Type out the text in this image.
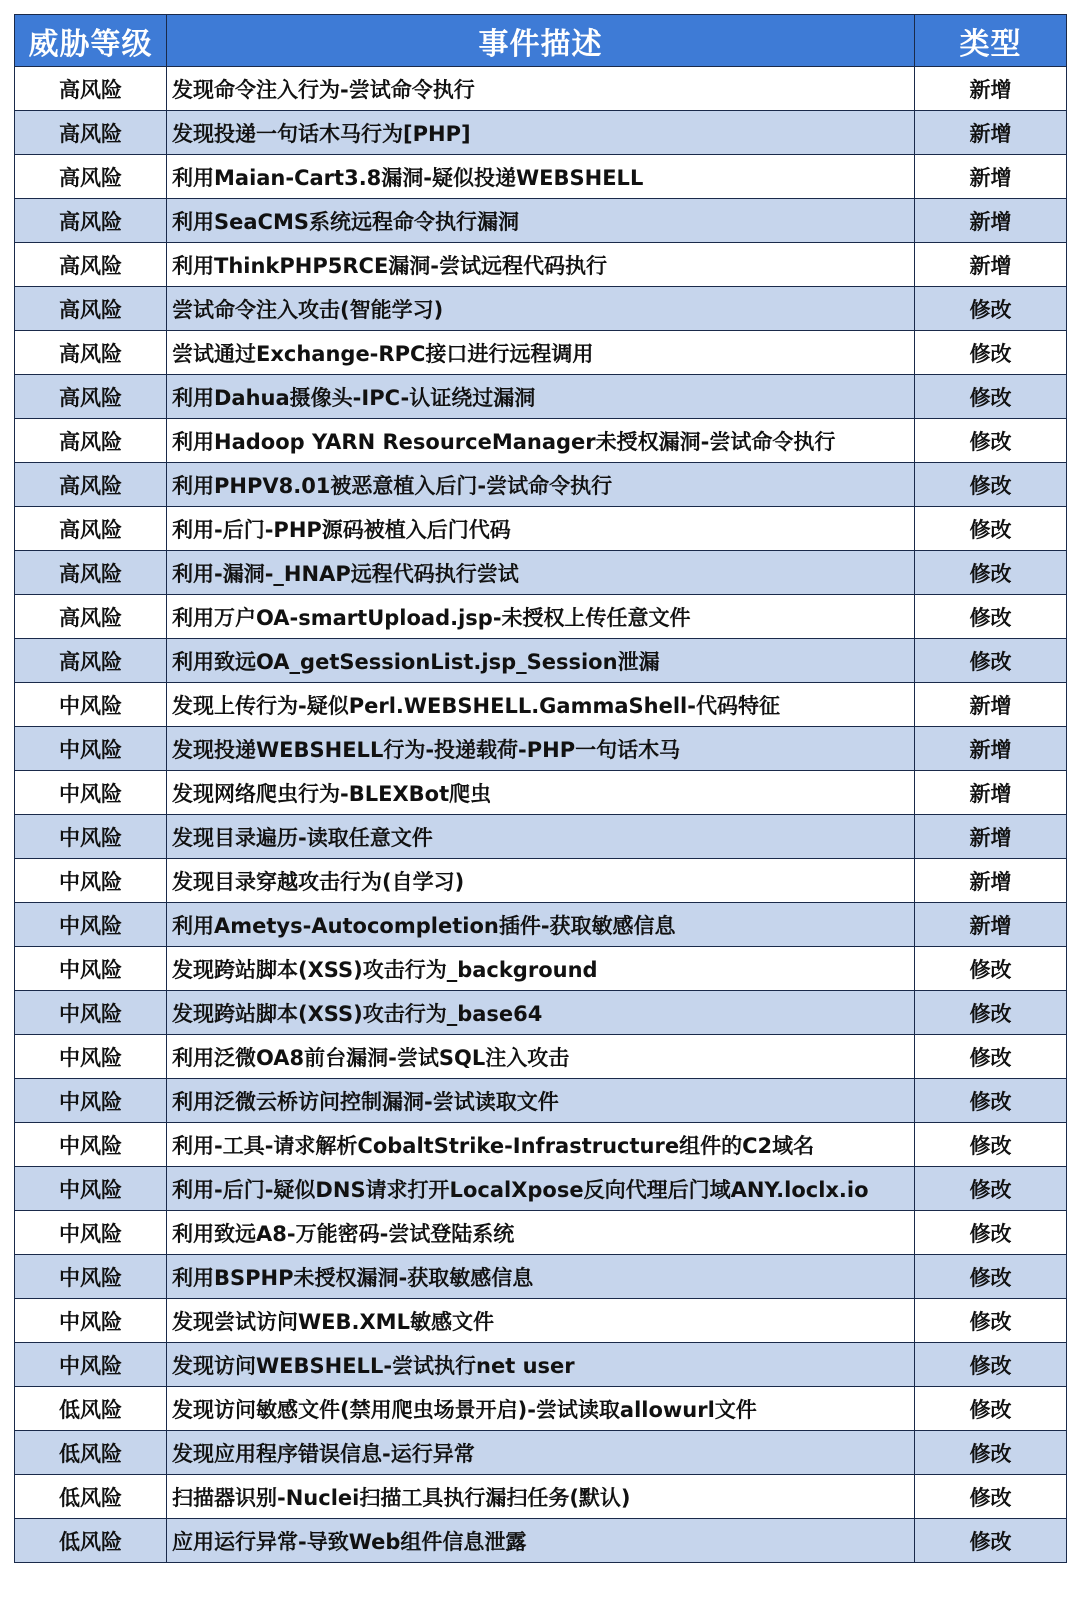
威胁等级	事件描述	类型
高风险	发现命令注入行为-尝试命令执行	新增
高风险	发现投递一句话木马行为[PHP]	新增
高风险	利用Maian-Cart3.8漏洞-疑似投递WEBSHELL	新增
高风险	利用SeaCMS系统远程命令执行漏洞	新增
高风险	利用ThinkPHP5RCE漏洞-尝试远程代码执行	新增
高风险	尝试命令注入攻击(智能学习)	修改
高风险	尝试通过Exchange-RPC接口进行远程调用	修改
高风险	利用Dahua摄像头-IPC-认证绕过漏洞	修改
高风险	利用Hadoop YARN ResourceManager未授权漏洞-尝试命令执行	修改
高风险	利用PHPV8.01被恶意植入后门-尝试命令执行	修改
高风险	利用-后门-PHP源码被植入后门代码	修改
高风险	利用-漏洞-_HNAP远程代码执行尝试	修改
高风险	利用万户OA-smartUpload.jsp-未授权上传任意文件	修改
高风险	利用致远OA_getSessionList.jsp_Session泄漏	修改
中风险	发现上传行为-疑似Perl.WEBSHELL.GammaShell-代码特征	新增
中风险	发现投递WEBSHELL行为-投递载荷-PHP一句话木马	新增
中风险	发现网络爬虫行为-BLEXBot爬虫	新增
中风险	发现目录遍历-读取任意文件	新增
中风险	发现目录穿越攻击行为(自学习)	新增
中风险	利用Ametys-Autocompletion插件-获取敏感信息	新增
中风险	发现跨站脚本(XSS)攻击行为_background	修改
中风险	发现跨站脚本(XSS)攻击行为_base64	修改
中风险	利用泛微OA8前台漏洞-尝试SQL注入攻击	修改
中风险	利用泛微云桥访问控制漏洞-尝试读取文件	修改
中风险	利用-工具-请求解析CobaltStrike-Infrastructure组件的C2域名	修改
中风险	利用-后门-疑似DNS请求打开LocalXpose反向代理后门域ANY.loclx.io	修改
中风险	利用致远A8-万能密码-尝试登陆系统	修改
中风险	利用BSPHP未授权漏洞-获取敏感信息	修改
中风险	发现尝试访问WEB.XML敏感文件	修改
中风险	发现访问WEBSHELL-尝试执行net user	修改
低风险	发现访问敏感文件(禁用爬虫场景开启)-尝试读取allowurl文件	修改
低风险	发现应用程序错误信息-运行异常	修改
低风险	扫描器识别-Nuclei扫描工具执行漏扫任务(默认)	修改
低风险	应用运行异常-导致Web组件信息泄露	修改
